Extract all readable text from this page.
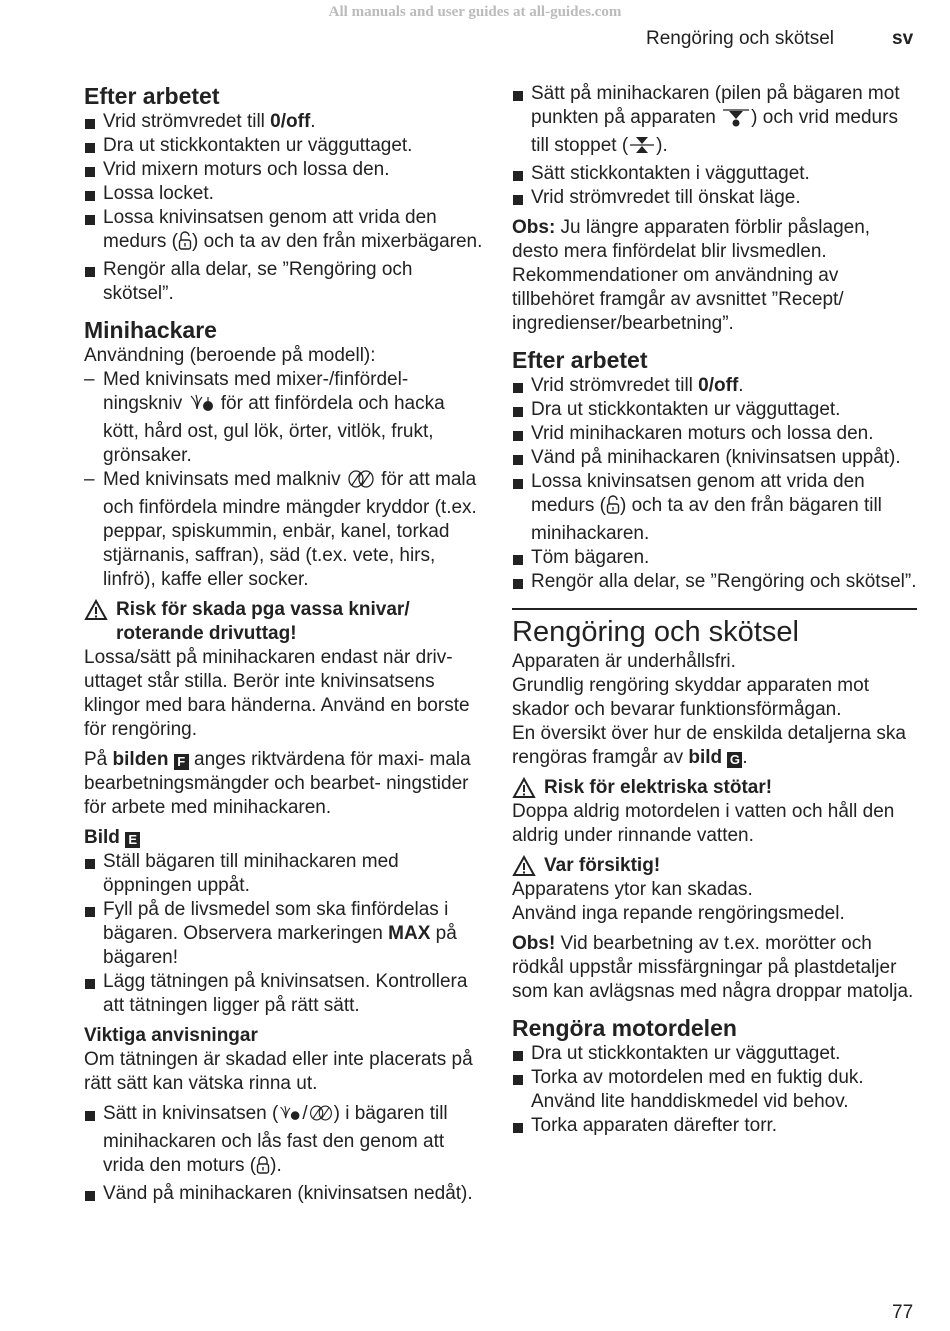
All manuals and user guides at all-guides.com
Rengöring och skötsel	sv
Efter arbetet
Vrid strömvredet till 0/off.
Dra ut stickkontakten ur vägguttaget.
Vrid mixern moturs och lossa den.
Lossa locket.
Lossa knivinsatsen genom att vrida den medurs ( ) och ta av den från mixerbägaren.
Rengör alla delar, se ”Rengöring och skötsel”.
Minihackare

Användning (beroende på modell):

– Med knivinsats med mixer-/finfördel- ningskniv  för att finfördela och hacka kött, hård ost, gul lök, örter, vitlök, frukt, grönsaker.
– Med knivinsats med malkniv  för att mala och finfördela mindre mängder kryddor (t.ex. peppar, spiskummin, enbär, kanel, torkad stjärnanis, saffran), säd (t.ex. vete, hirs, linfrö), kaffe eller socker.
Risk för skada pga vassa knivar/ roterande drivuttag!

Lossa/sätt på minihackaren endast när driv- uttaget står stilla. Berör inte knivinsatsens klingor med bara händerna. Använd en borste för rengöring.

På bilden F anges riktvärdena för maxi- mala bearbetningsmängder och bearbet- ningstider för arbete med minihackaren.

Bild E
Ställ bägaren till minihackaren med öppningen uppåt.
Fyll på de livsmedel som ska finfördelas i bägaren. Observera markeringen MAX på bägaren!
Lägg tätningen på knivinsatsen. Kontrollera att tätningen ligger på rätt sätt.
Viktiga anvisningar

Om tätningen är skadad eller inte placerats på rätt sätt kan vätska rinna ut.

Sätt in knivinsatsen ( / ) i bägaren till minihackaren och lås fast den genom att vrida den moturs ( ).
Vänd på minihackaren (knivinsatsen nedåt).
Sätt på minihackaren (pilen på bägaren mot punkten på apparaten ) och vrid medurs till stoppet ( ).
Sätt stickkontakten i vägguttaget.
Vrid strömvredet till önskat läge.

Obs: Ju längre apparaten förblir påslagen, desto mera finfördelat blir livsmedlen. Rekommendationer om användning av tillbehöret framgår av avsnittet ”Recept/ ingredienser/bearbetning”.

Efter arbetet
Vrid strömvredet till 0/off.
Dra ut stickkontakten ur vägguttaget.
Vrid minihackaren moturs och lossa den.
Vänd på minihackaren (knivinsatsen uppåt).
Lossa knivinsatsen genom att vrida den medurs ( ) och ta av den från bägaren till minihackaren.
Töm bägaren.
Rengör alla delar, se ”Rengöring och skötsel”.
Rengöring och skötsel

Apparaten är underhållsfri.

Grundlig rengöring skyddar apparaten mot skador och bevarar funktionsförmågan.

En översikt över hur de enskilda detaljerna ska rengöras framgår av bild G .

Risk för elektriska stötar!

Doppa aldrig motordelen i vatten och håll den aldrig under rinnande vatten.

Var försiktig!

Apparatens ytor kan skadas.

Använd inga repande rengöringsmedel.

Obs! Vid bearbetning av t.ex. morötter och rödkål uppstår missfärgningar på plastdetaljer som kan avlägsnas med några droppar matolja.

Rengöra motordelen
Dra ut stickkontakten ur vägguttaget.
Torka av motordelen med en fuktig duk. Använd lite handdiskmedel vid behov.
Torka apparaten därefter torr.
77
